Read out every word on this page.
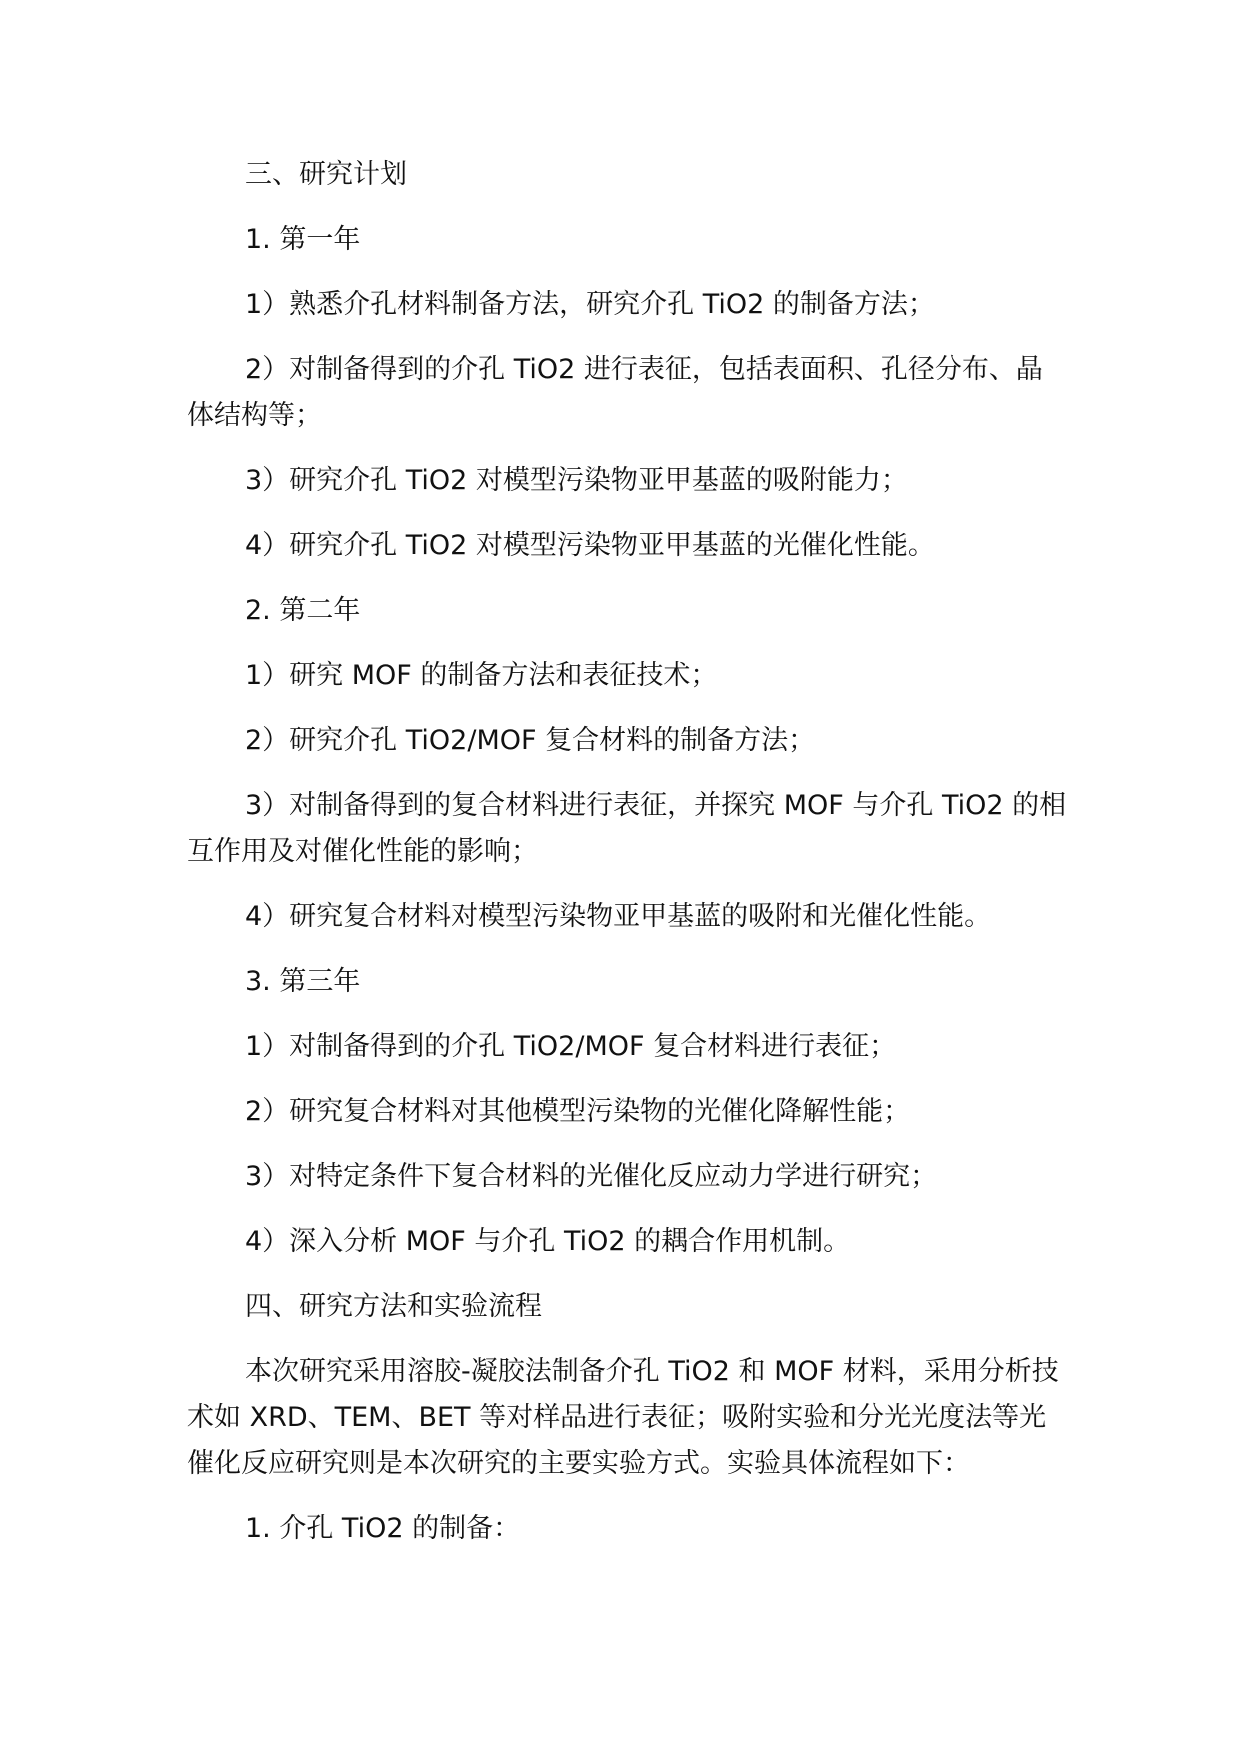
三、研究计划

1. 第一年

1）熟悉介孔材料制备方法，研究介孔 TiO2 的制备方法；

2）对制备得到的介孔 TiO2 进行表征，包括表面积、孔径分布、晶体结构等；

3）研究介孔 TiO2 对模型污染物亚甲基蓝的吸附能力；

4）研究介孔 TiO2 对模型污染物亚甲基蓝的光催化性能。

2. 第二年

1）研究 MOF 的制备方法和表征技术；

2）研究介孔 TiO2/MOF 复合材料的制备方法；

3）对制备得到的复合材料进行表征，并探究 MOF 与介孔 TiO2 的相互作用及对催化性能的影响；

4）研究复合材料对模型污染物亚甲基蓝的吸附和光催化性能。

3. 第三年

1）对制备得到的介孔 TiO2/MOF 复合材料进行表征；

2）研究复合材料对其他模型污染物的光催化降解性能；

3）对特定条件下复合材料的光催化反应动力学进行研究；

4）深入分析 MOF 与介孔 TiO2 的耦合作用机制。

四、研究方法和实验流程

本次研究采用溶胶-凝胶法制备介孔 TiO2 和 MOF 材料，采用分析技术如 XRD、TEM、BET 等对样品进行表征；吸附实验和分光光度法等光催化反应研究则是本次研究的主要实验方式。实验具体流程如下：

1. 介孔 TiO2 的制备：
